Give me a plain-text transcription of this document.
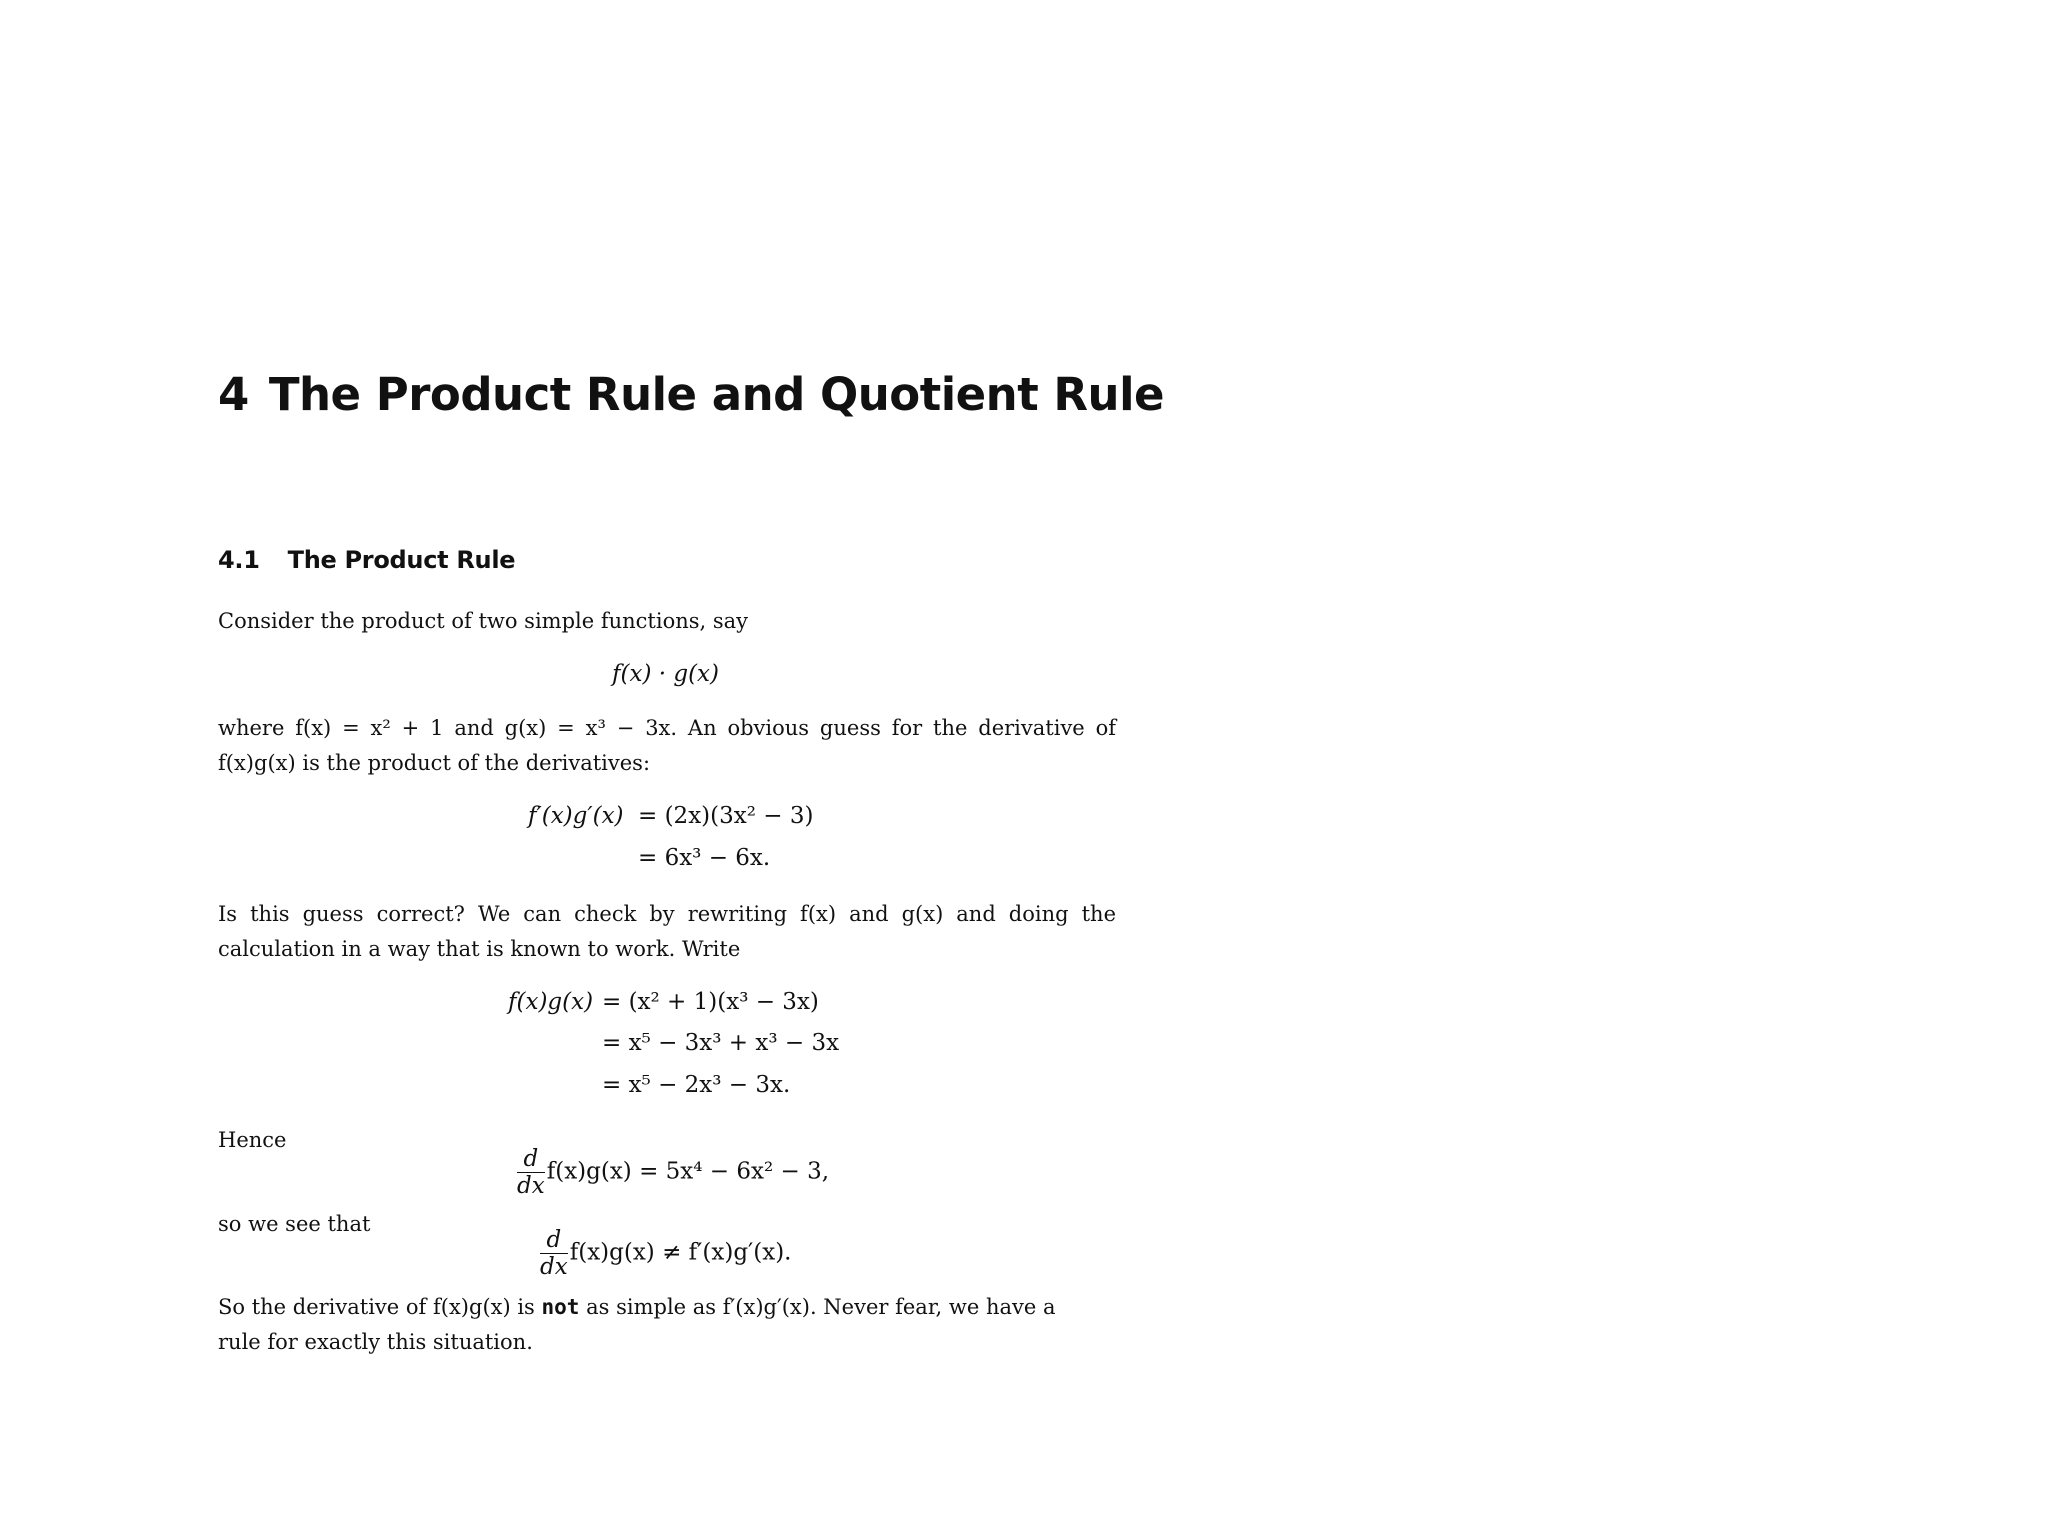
4 The Product Rule and Quotient Rule
4.1 The Product Rule
Consider the product of two simple functions, say
f(x) · g(x)
where f(x) = x² + 1 and g(x) = x³ − 3x. An obvious guess for the derivative of
f(x)g(x) is the product of the derivatives:
f′(x)g′(x) = (2x)(3x² − 3)
= 6x³ − 6x.
Is this guess correct? We can check by rewriting f(x) and g(x) and doing the
calculation in a way that is known to work. Write
f(x)g(x) = (x² + 1)(x³ − 3x)
= x⁵ − 3x³ + x³ − 3x
= x⁵ − 2x³ − 3x.
Hence
$\frac{d}{dx} f(x)g(x) = 5x^4 - 6x^2 - 3$,
so we see that
$\frac{d}{dx} f(x)g(x) \ne f'(x)g'(x)$.
So the derivative of f(x)g(x) is not as simple as f′(x)g′(x). Never fear, we have a
rule for exactly this situation.
